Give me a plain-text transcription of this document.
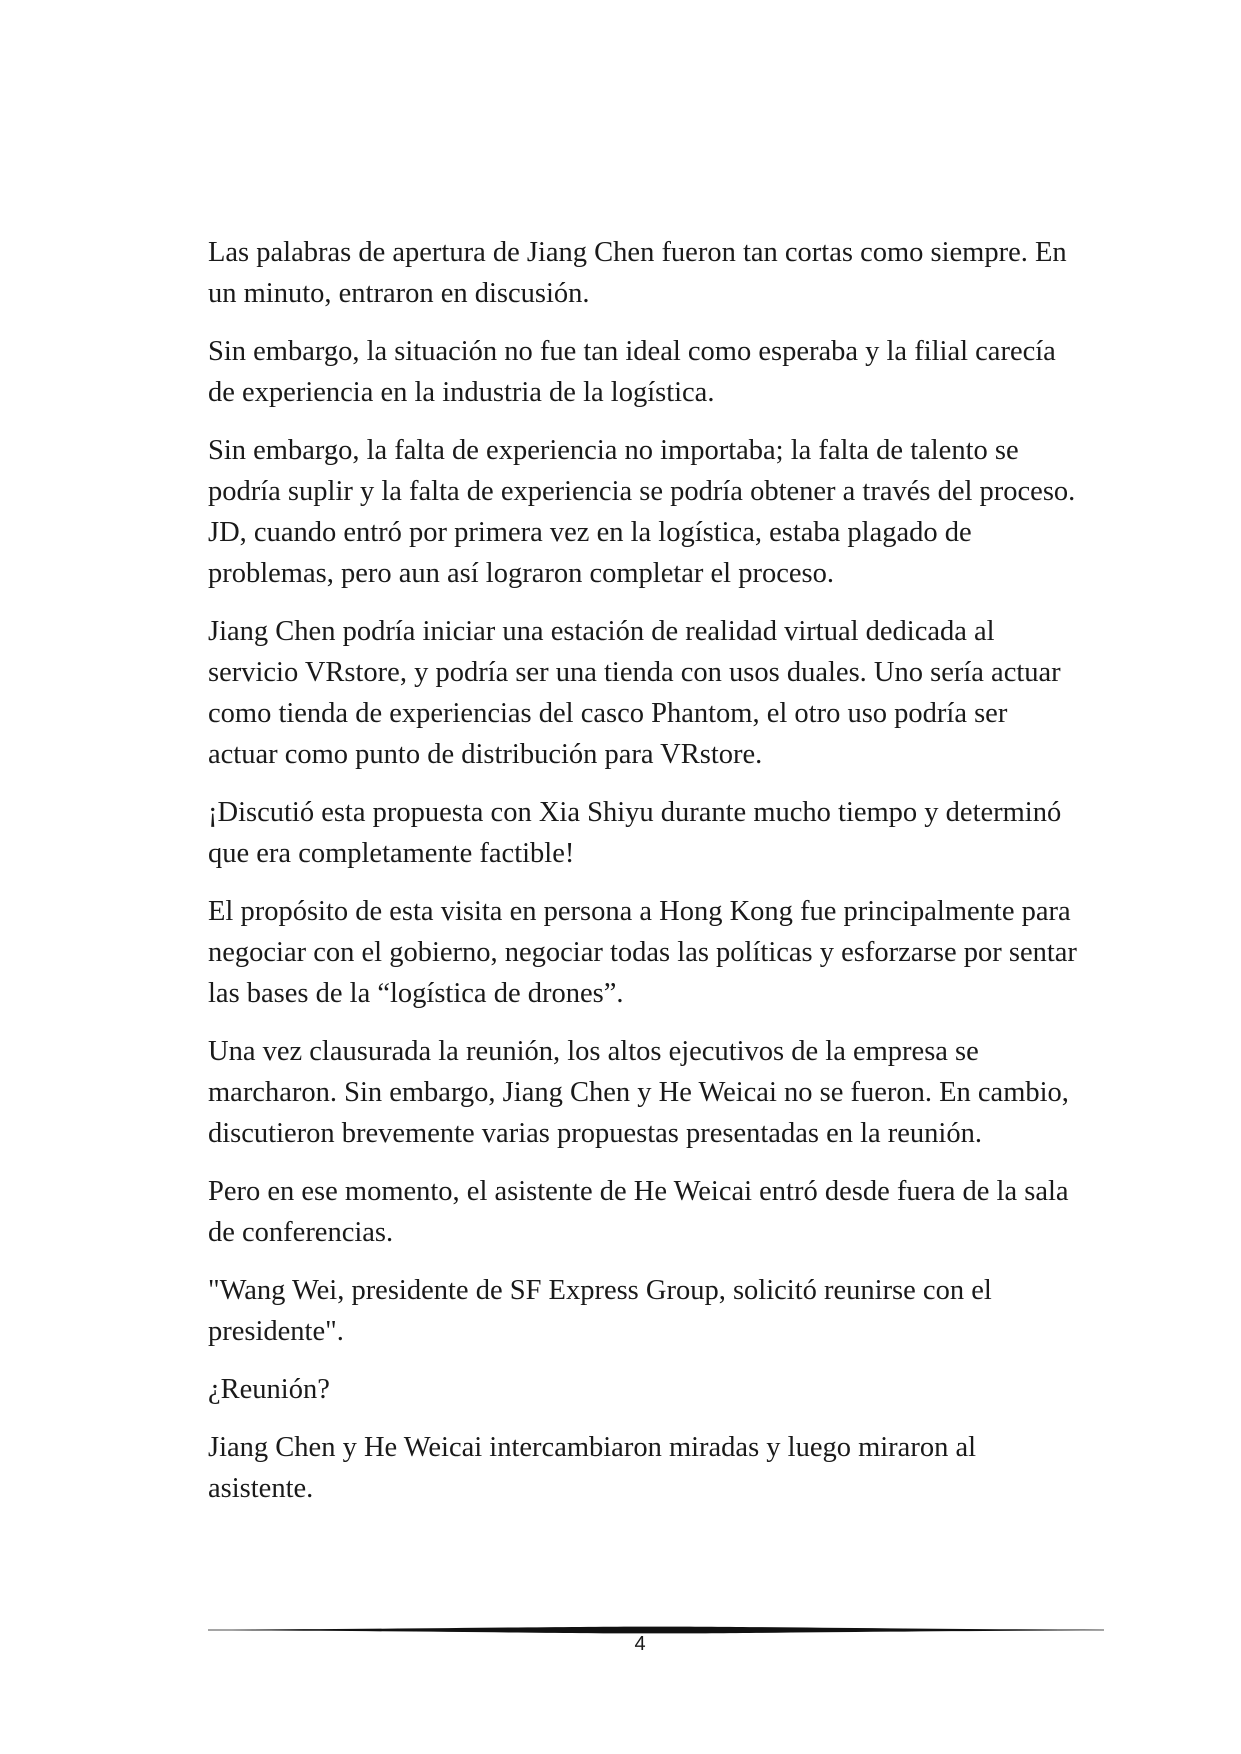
Las palabras de apertura de Jiang Chen fueron tan cortas como siempre. En un minuto, entraron en discusión.

Sin embargo, la situación no fue tan ideal como esperaba y la filial carecía de experiencia en la industria de la logística.

Sin embargo, la falta de experiencia no importaba; la falta de talento se podría suplir y la falta de experiencia se podría obtener a través del proceso. JD, cuando entró por primera vez en la logística, estaba plagado de problemas, pero aun así lograron completar el proceso.

Jiang Chen podría iniciar una estación de realidad virtual dedicada al servicio VRstore, y podría ser una tienda con usos duales. Uno sería actuar como tienda de experiencias del casco Phantom, el otro uso podría ser actuar como punto de distribución para VRstore.

¡Discutió esta propuesta con Xia Shiyu durante mucho tiempo y determinó que era completamente factible!

El propósito de esta visita en persona a Hong Kong fue principalmente para negociar con el gobierno, negociar todas las políticas y esforzarse por sentar las bases de la “logística de drones”.

Una vez clausurada la reunión, los altos ejecutivos de la empresa se marcharon. Sin embargo, Jiang Chen y He Weicai no se fueron. En cambio, discutieron brevemente varias propuestas presentadas en la reunión.

Pero en ese momento, el asistente de He Weicai entró desde fuera de la sala de conferencias.

"Wang Wei, presidente de SF Express Group, solicitó reunirse con el presidente".

¿Reunión?

Jiang Chen y He Weicai intercambiaron miradas y luego miraron al asistente.

4
